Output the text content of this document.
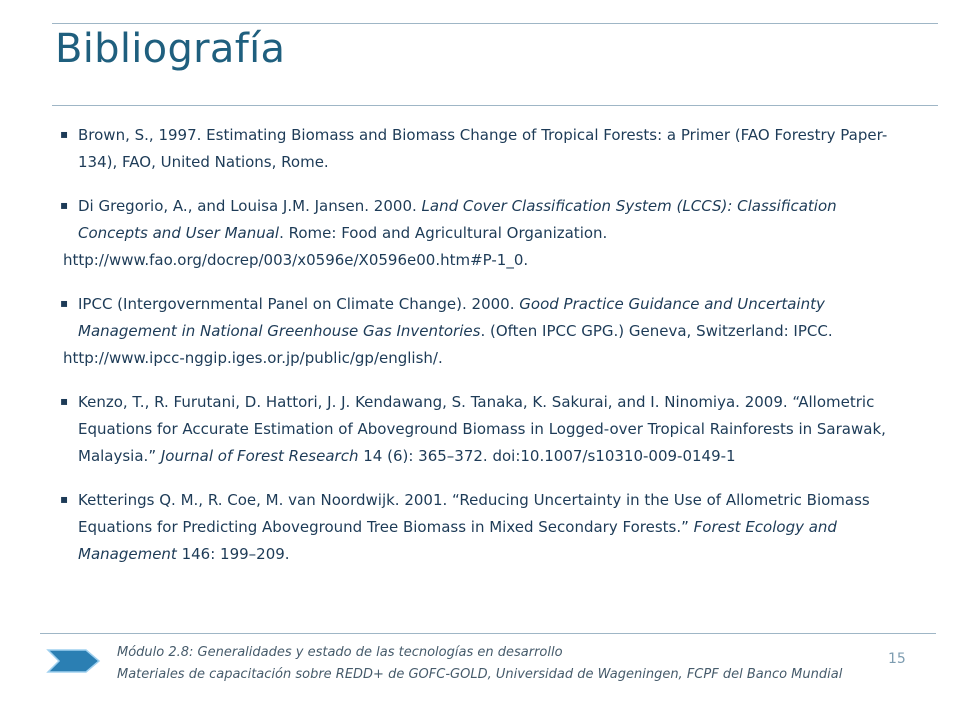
Bibliografía
▪ Brown, S., 1997. Estimating Biomass and Biomass Change of Tropical Forests: a Primer (FAO Forestry Paper-134), FAO, United Nations, Rome.
▪ Di Gregorio, A., and Louisa J.M. Jansen. 2000. Land Cover Classification System (LCCS): Classification Concepts and User Manual. Rome: Food and Agricultural Organization.
http://www.fao.org/docrep/003/x0596e/X0596e00.htm#P-1_0.
▪ IPCC (Intergovernmental Panel on Climate Change). 2000. Good Practice Guidance and Uncertainty Management in National Greenhouse Gas Inventories. (Often IPCC GPG.) Geneva, Switzerland: IPCC.
http://www.ipcc-nggip.iges.or.jp/public/gp/english/.
▪ Kenzo, T., R. Furutani, D. Hattori, J. J. Kendawang, S. Tanaka, K. Sakurai, and I. Ninomiya. 2009. “Allometric Equations for Accurate Estimation of Aboveground Biomass in Logged-over Tropical Rainforests in Sarawak, Malaysia.” Journal of Forest Research 14 (6): 365–372. doi:10.1007/s10310-009-0149-1
▪ Ketterings Q. M., R. Coe, M. van Noordwijk. 2001. “Reducing Uncertainty in the Use of Allometric Biomass Equations for Predicting Aboveground Tree Biomass in Mixed Secondary Forests.” Forest Ecology and Management 146: 199–209.
Módulo 2.8: Generalidades y estado de las tecnologías en desarrollo
Materiales de capacitación sobre REDD+ de GOFC-GOLD, Universidad de Wageningen, FCPF del Banco Mundial
15
